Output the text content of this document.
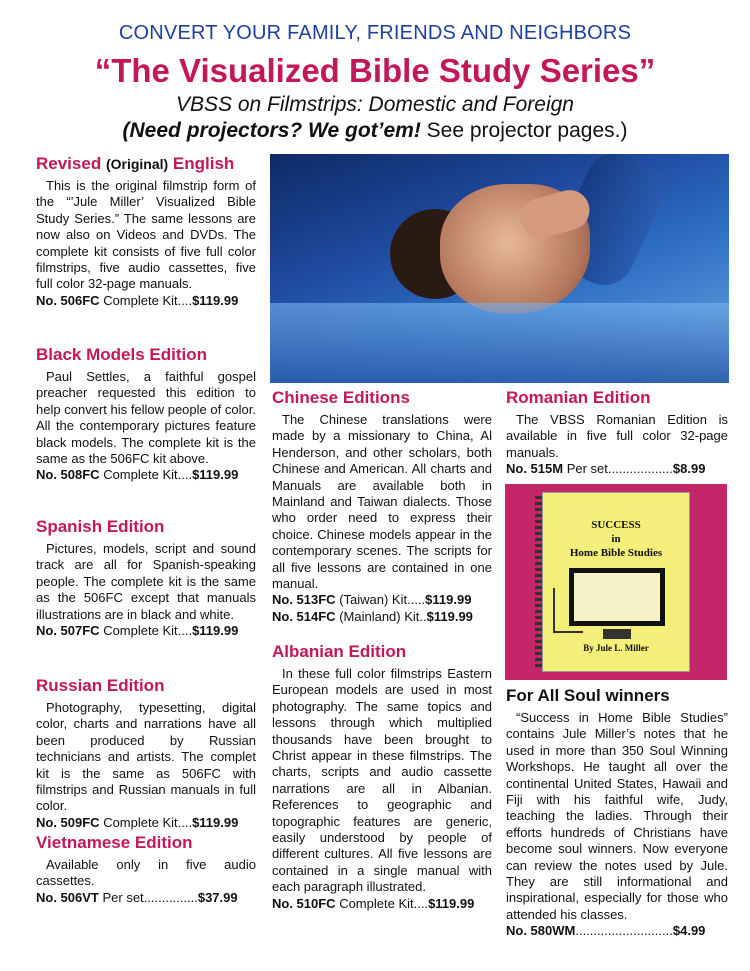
CONVERT YOUR FAMILY, FRIENDS AND NEIGHBORS
“The Visualized Bible Study Series”
VBSS on Filmstrips: Domestic and Foreign
(Need projectors? We got’em! See projector pages.)
Revised (Original) English

This is the original filmstrip form of the “’Jule Miller’ Visualized Bible Study Series.” The same lessons are now also on Videos and DVDs. The complete kit consists of five full color filmstrips, five audio cassettes, five full color 32-page manuals.

No. 506FC Complete Kit....$119.99
Black Models Edition

Paul Settles, a faithful gospel preacher requested this edition to help convert his fellow people of color. All the contemporary pictures feature black models. The complete kit is the same as the 506FC kit above.

No. 508FC Complete Kit....$119.99
Spanish Edition

Pictures, models, script and sound track are all for Spanish-speaking people. The complete kit is the same as the 506FC except that manuals illustrations are in black and white.

No. 507FC Complete Kit....$119.99
Russian Edition

Photography, typesetting, digital color, charts and narrations have all been produced by Russian technicians and artists. The complet kit is the same as 506FC with filmstrips and Russian manuals in full color.

No. 509FC Complete Kit....$119.99
Vietnamese Edition

Available only in five audio cassettes.

No. 506VT Per set...............$37.99
Chinese Editions

The Chinese translations were made by a missionary to China, Al Henderson, and other scholars, both Chinese and American. All charts and Manuals are available both in Mainland and Taiwan dialects. Those who order need to express their choice. Chinese models appear in the contemporary scenes. The scripts for all five lessons are contained in one manual.

No. 513FC (Taiwan) Kit.....$119.99
No. 514FC (Mainland) Kit..$119.99
Albanian Edition

In these full color filmstrips Eastern European models are used in most photography. The same topics and lessons through which multiplied thousands have been brought to Christ appear in these filmstrips. The charts, scripts and audio cassette narrations are all in Albanian. References to geographic and topographic features are generic, easily understood by people of different cultures. All five lessons are contained in a single manual with each paragraph illustrated.

No. 510FC Complete Kit....$119.99
Romanian Edition

The VBSS Romanian Edition is available in five full color 32-page manuals.

No. 515M Per set..................$8.99
SUCCESS
in
Home Bible Studies
By Jule L. Miller
For All Soul winners

“Success in Home Bible Studies” contains Jule Miller’s notes that he used in more than 350 Soul Winning Workshops. He taught all over the continental United States, Hawaii and Fiji with his faithful wife, Judy, teaching the ladies. Through their efforts hundreds of Christians have become soul winners. Now everyone can review the notes used by Jule. They are still informational and inspirational, especially for those who attended his classes.

No. 580WM...........................$4.99
